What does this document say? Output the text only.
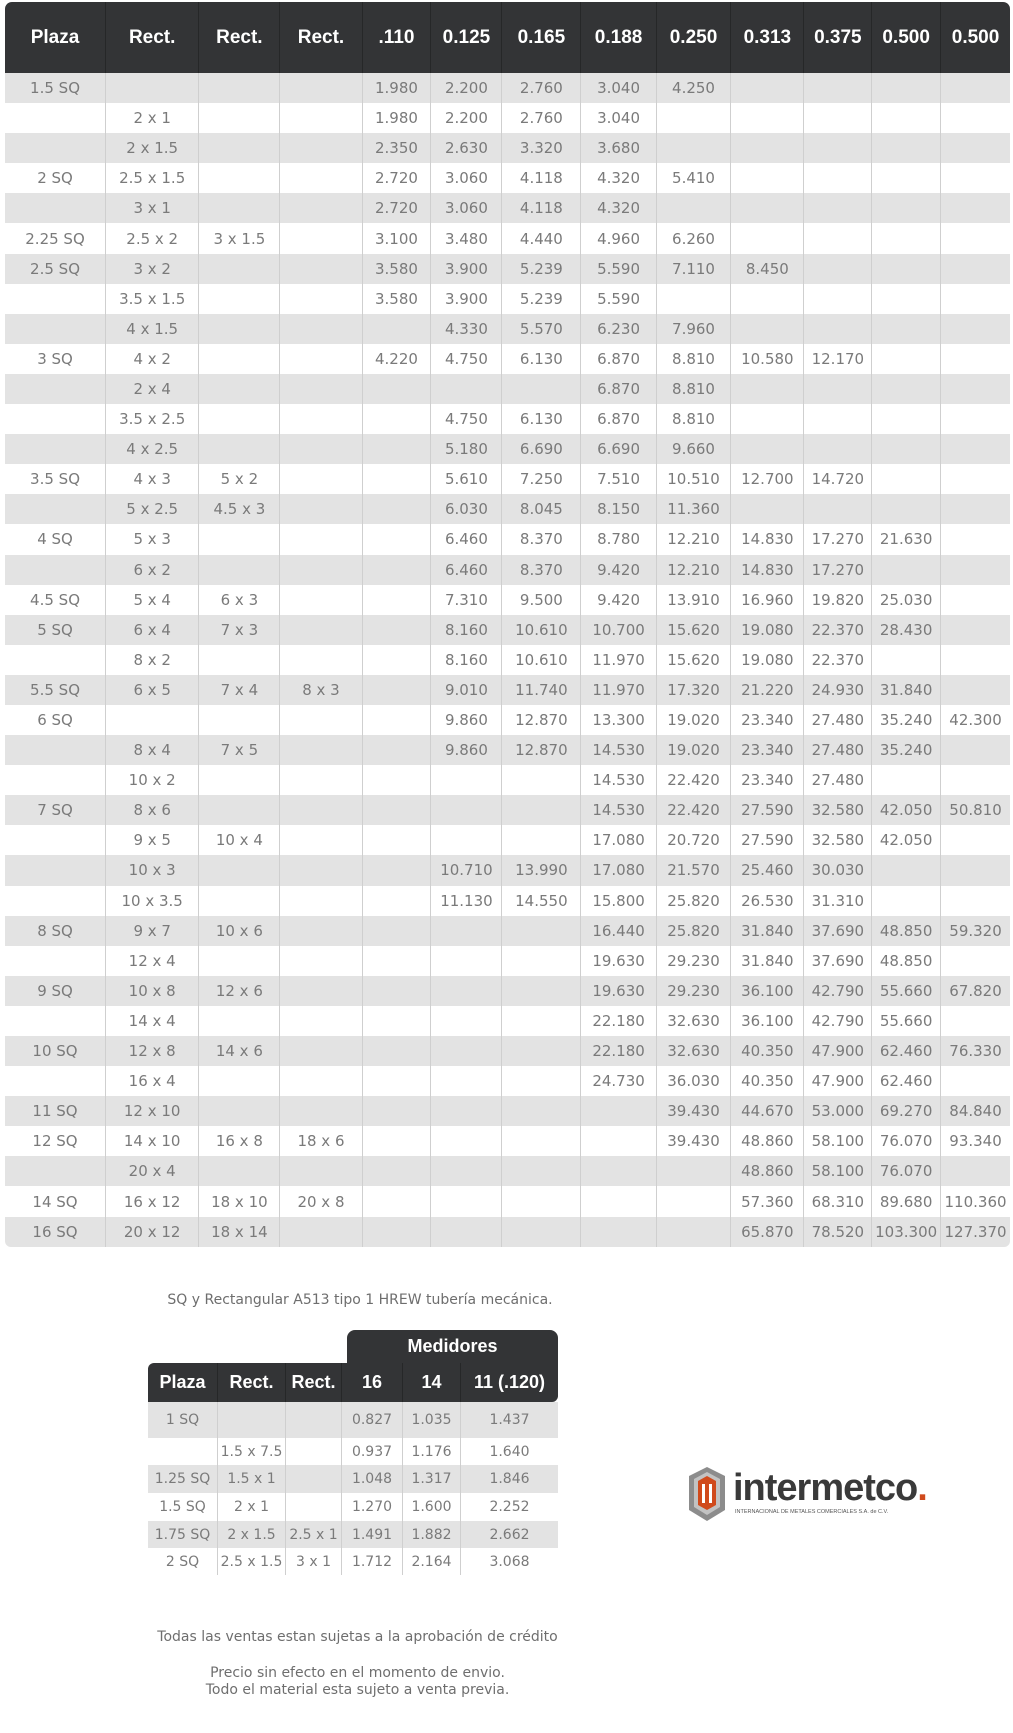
Plaza	Rect.	Rect.	Rect.	.110	0.125	0.165	0.188	0.250	0.313	0.375	0.500	0.500
1.5 SQ				1.980	2.200	2.760	3.040	4.250				
	2 x 1			1.980	2.200	2.760	3.040					
	2 x 1.5			2.350	2.630	3.320	3.680					
2 SQ	2.5 x 1.5			2.720	3.060	4.118	4.320	5.410				
	3 x 1			2.720	3.060	4.118	4.320					
2.25 SQ	2.5 x 2	3 x 1.5		3.100	3.480	4.440	4.960	6.260				
2.5 SQ	3 x 2			3.580	3.900	5.239	5.590	7.110	8.450			
	3.5 x 1.5			3.580	3.900	5.239	5.590					
	4 x 1.5				4.330	5.570	6.230	7.960				
3 SQ	4 x 2			4.220	4.750	6.130	6.870	8.810	10.580	12.170		
	2 x 4						6.870	8.810				
	3.5 x 2.5				4.750	6.130	6.870	8.810				
	4 x 2.5				5.180	6.690	6.690	9.660				
3.5 SQ	4 x 3	5 x 2			5.610	7.250	7.510	10.510	12.700	14.720		
	5 x 2.5	4.5 x 3			6.030	8.045	8.150	11.360				
4 SQ	5 x 3				6.460	8.370	8.780	12.210	14.830	17.270	21.630	
	6 x 2				6.460	8.370	9.420	12.210	14.830	17.270		
4.5 SQ	5 x 4	6 x 3			7.310	9.500	9.420	13.910	16.960	19.820	25.030	
5 SQ	6 x 4	7 x 3			8.160	10.610	10.700	15.620	19.080	22.370	28.430	
	8 x 2				8.160	10.610	11.970	15.620	19.080	22.370		
5.5 SQ	6 x 5	7 x 4	8 x 3		9.010	11.740	11.970	17.320	21.220	24.930	31.840	
6 SQ					9.860	12.870	13.300	19.020	23.340	27.480	35.240	42.300
	8 x 4	7 x 5			9.860	12.870	14.530	19.020	23.340	27.480	35.240	
	10 x 2						14.530	22.420	23.340	27.480		
7 SQ	8 x 6						14.530	22.420	27.590	32.580	42.050	50.810
	9 x 5	10 x 4					17.080	20.720	27.590	32.580	42.050	
	10 x 3				10.710	13.990	17.080	21.570	25.460	30.030		
	10 x 3.5				11.130	14.550	15.800	25.820	26.530	31.310		
8 SQ	9 x 7	10 x 6					16.440	25.820	31.840	37.690	48.850	59.320
	12 x 4						19.630	29.230	31.840	37.690	48.850	
9 SQ	10 x 8	12 x 6					19.630	29.230	36.100	42.790	55.660	67.820
	14 x 4						22.180	32.630	36.100	42.790	55.660	
10 SQ	12 x 8	14 x 6					22.180	32.630	40.350	47.900	62.460	76.330
	16 x 4						24.730	36.030	40.350	47.900	62.460	
11 SQ	12 x 10							39.430	44.670	53.000	69.270	84.840
12 SQ	14 x 10	16 x 8	18 x 6					39.430	48.860	58.100	76.070	93.340
	20 x 4								48.860	58.100	76.070	
14 SQ	16 x 12	18 x 10	20 x 8						57.360	68.310	89.680	110.360
16 SQ	20 x 12	18 x 14							65.870	78.520	103.300	127.370
SQ y Rectangular A513 tipo 1 HREW tubería mecánica.
Medidores
Plaza	Rect.	Rect.	16	14	11 (.120)
1 SQ			0.827	1.035	1.437
	1.5 x 7.5		0.937	1.176	1.640
1.25 SQ	1.5 x 1		1.048	1.317	1.846
1.5 SQ	2 x 1		1.270	1.600	2.252
1.75 SQ	2 x 1.5	2.5 x 1	1.491	1.882	2.662
2 SQ	2.5 x 1.5	3 x 1	1.712	2.164	3.068
intermetco.
INTERNACIONAL DE METALES COMERCIALES S.A. de C.V.
Todas las ventas estan sujetas a la aprobación de crédito
Precio sin efecto en el momento de envio.
Todo el material esta sujeto a venta previa.
